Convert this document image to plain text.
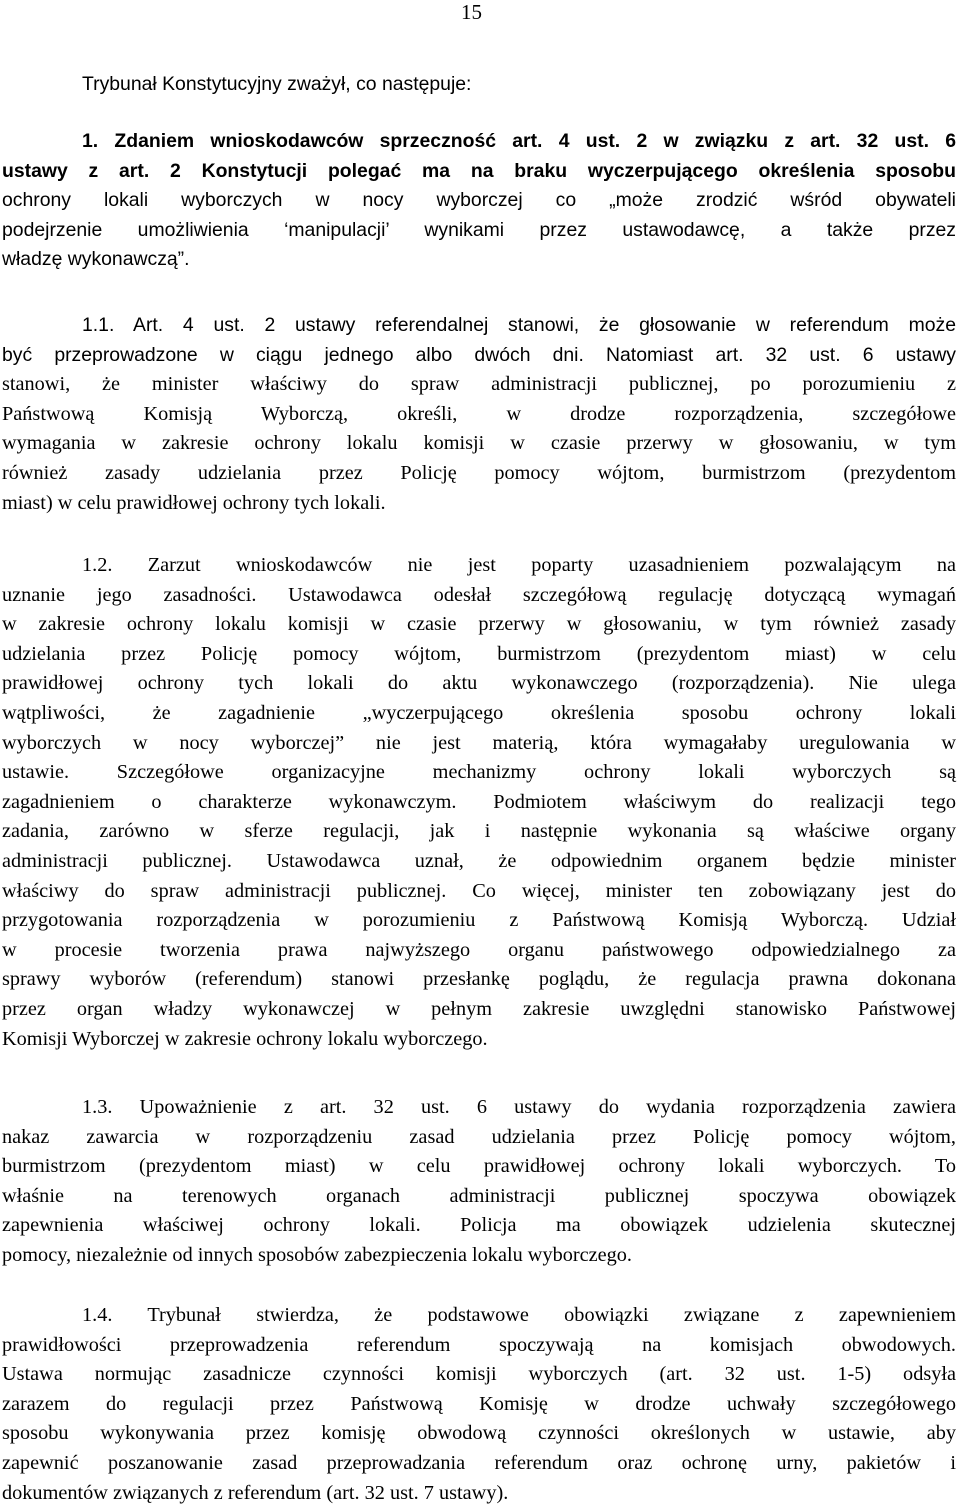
15
Trybunał Konstytucyjny zważył, co następuje:
1. Zdaniem wnioskodawców sprzeczność art. 4 ust. 2 w związku z art. 32 ust. 6
ustawy z art. 2 Konstytucji polegać ma na braku wyczerpującego określenia sposobu
ochrony lokali wyborczych w nocy wyborczej co „może zrodzić wśród obywateli
podejrzenie umożliwienia ‘manipulacji’ wynikami przez ustawodawcę, a także przez
władzę wykonawczą”.
1.1. Art. 4 ust. 2 ustawy referendalnej stanowi, że głosowanie w referendum może
być przeprowadzone w ciągu jednego albo dwóch dni. Natomiast art. 32 ust. 6 ustawy
stanowi, że minister właściwy do spraw administracji publicznej, po porozumieniu z
Państwową Komisją Wyborczą, określi, w drodze rozporządzenia, szczegółowe
wymagania w zakresie ochrony lokalu komisji w czasie przerwy w głosowaniu, w tym
również zasady udzielania przez Policję pomocy wójtom, burmistrzom (prezydentom
miast) w celu prawidłowej ochrony tych lokali.
1.2. Zarzut wnioskodawców nie jest poparty uzasadnieniem pozwalającym na
uznanie jego zasadności. Ustawodawca odesłał szczegółową regulację dotyczącą wymagań
w zakresie ochrony lokalu komisji w czasie przerwy w głosowaniu, w tym również zasady
udzielania przez Policję pomocy wójtom, burmistrzom (prezydentom miast) w celu
prawidłowej ochrony tych lokali do aktu wykonawczego (rozporządzenia). Nie ulega
wątpliwości, że zagadnienie „wyczerpującego określenia sposobu ochrony lokali
wyborczych w nocy wyborczej” nie jest materią, która wymagałaby uregulowania w
ustawie. Szczegółowe organizacyjne mechanizmy ochrony lokali wyborczych są
zagadnieniem o charakterze wykonawczym. Podmiotem właściwym do realizacji tego
zadania, zarówno w sferze regulacji, jak i następnie wykonania są właściwe organy
administracji publicznej. Ustawodawca uznał, że odpowiednim organem będzie minister
właściwy do spraw administracji publicznej. Co więcej, minister ten zobowiązany jest do
przygotowania rozporządzenia w porozumieniu z Państwową Komisją Wyborczą. Udział
w procesie tworzenia prawa najwyższego organu państwowego odpowiedzialnego za
sprawy wyborów (referendum) stanowi przesłankę poglądu, że regulacja prawna dokonana
przez organ władzy wykonawczej w pełnym zakresie uwzględni stanowisko Państwowej
Komisji Wyborczej w zakresie ochrony lokalu wyborczego.
1.3. Upoważnienie z art. 32 ust. 6 ustawy do wydania rozporządzenia zawiera
nakaz zawarcia w rozporządzeniu zasad udzielania przez Policję pomocy wójtom,
burmistrzom (prezydentom miast) w celu prawidłowej ochrony lokali wyborczych. To
właśnie na terenowych organach administracji publicznej spoczywa obowiązek
zapewnienia właściwej ochrony lokali. Policja ma obowiązek udzielenia skutecznej
pomocy, niezależnie od innych sposobów zabezpieczenia lokalu wyborczego.
1.4. Trybunał stwierdza, że podstawowe obowiązki związane z zapewnieniem
prawidłowości przeprowadzenia referendum spoczywają na komisjach obwodowych.
Ustawa normując zasadnicze czynności komisji wyborczych (art. 32 ust. 1-5) odsyła
zarazem do regulacji przez Państwową Komisję w drodze uchwały szczegółowego
sposobu wykonywania przez komisję obwodową czynności określonych w ustawie, aby
zapewnić poszanowanie zasad przeprowadzania referendum oraz ochronę urny, pakietów i
dokumentów związanych z referendum (art. 32 ust. 7 ustawy).
